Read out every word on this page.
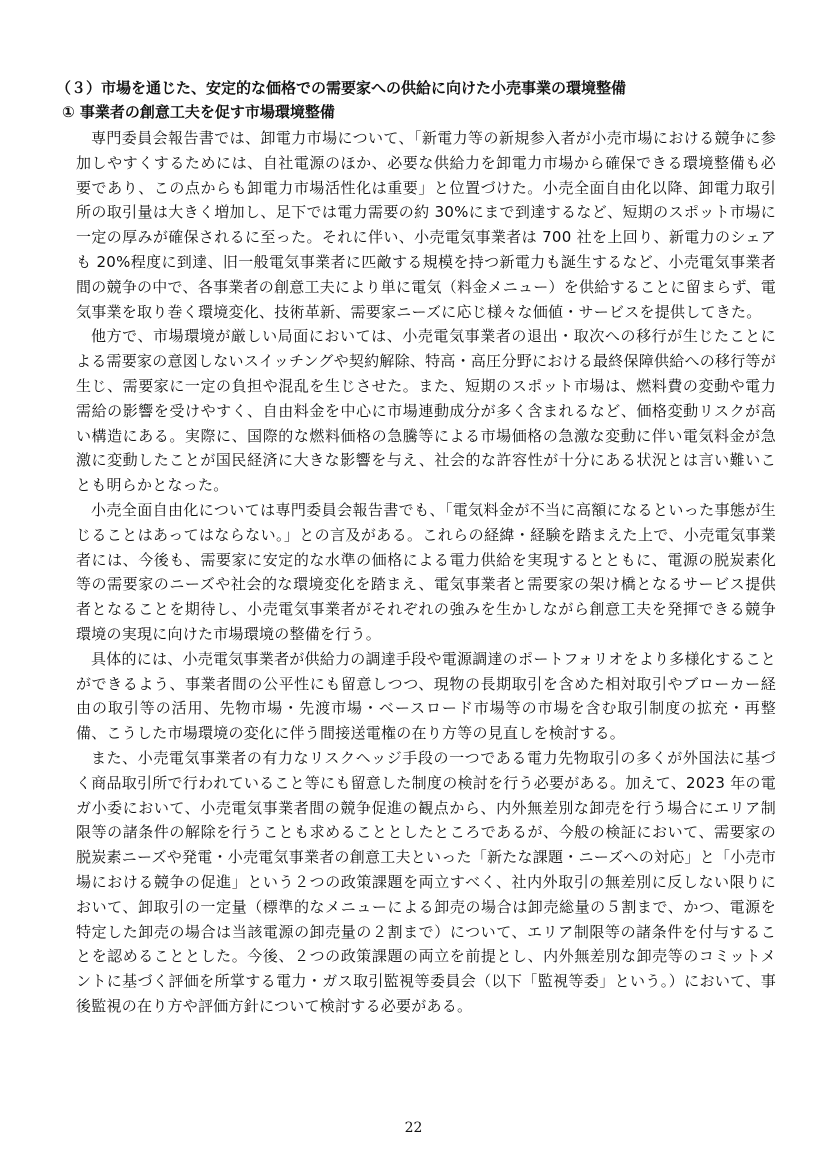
（３）市場を通じた、安定的な価格での需要家への供給に向けた小売事業の環境整備
① 事業者の創意工夫を促す市場環境整備

専門委員会報告書では、卸電力市場について、「新電力等の新規参入者が小売市場における競争に参加しやすくするためには、自社電源のほか、必要な供給力を卸電力市場から確保できる環境整備も必要であり、この点からも卸電力市場活性化は重要」と位置づけた。小売全面自由化以降、卸電力取引所の取引量は大きく増加し、足下では電力需要の約 30%にまで到達するなど、短期のスポット市場に一定の厚みが確保されるに至った。それに伴い、小売電気事業者は 700 社を上回り、新電力のシェアも 20%程度に到達、旧一般電気事業者に匹敵する規模を持つ新電力も誕生するなど、小売電気事業者間の競争の中で、各事業者の創意工夫により単に電気（料金メニュー）を供給することに留まらず、電気事業を取り巻く環境変化、技術革新、需要家ニーズに応じ様々な価値・サービスを提供してきた。

他方で、市場環境が厳しい局面においては、小売電気事業者の退出・取次への移行が生じたことによる需要家の意図しないスイッチングや契約解除、特高・高圧分野における最終保障供給への移行等が生じ、需要家に一定の負担や混乱を生じさせた。また、短期のスポット市場は、燃料費の変動や電力需給の影響を受けやすく、自由料金を中心に市場連動成分が多く含まれるなど、価格変動リスクが高い構造にある。実際に、国際的な燃料価格の急騰等による市場価格の急激な変動に伴い電気料金が急激に変動したことが国民経済に大きな影響を与え、社会的な許容性が十分にある状況とは言い難いことも明らかとなった。

小売全面自由化については専門委員会報告書でも、「電気料金が不当に高額になるといった事態が生じることはあってはならない。」との言及がある。これらの経緯・経験を踏まえた上で、小売電気事業者には、今後も、需要家に安定的な水準の価格による電力供給を実現するとともに、電源の脱炭素化等の需要家のニーズや社会的な環境変化を踏まえ、電気事業者と需要家の架け橋となるサービス提供者となることを期待し、小売電気事業者がそれぞれの強みを生かしながら創意工夫を発揮できる競争環境の実現に向けた市場環境の整備を行う。

具体的には、小売電気事業者が供給力の調達手段や電源調達のポートフォリオをより多様化することができるよう、事業者間の公平性にも留意しつつ、現物の長期取引を含めた相対取引やブローカー経由の取引等の活用、先物市場・先渡市場・ベースロード市場等の市場を含む取引制度の拡充・再整備、こうした市場環境の変化に伴う間接送電権の在り方等の見直しを検討する。

また、小売電気事業者の有力なリスクヘッジ手段の一つである電力先物取引の多くが外国法に基づく商品取引所で行われていること等にも留意した制度の検討を行う必要がある。加えて、2023 年の電ガ小委において、小売電気事業者間の競争促進の観点から、内外無差別な卸売を行う場合にエリア制限等の諸条件の解除を行うことも求めることとしたところであるが、今般の検証において、需要家の脱炭素ニーズや発電・小売電気事業者の創意工夫といった「新たな課題・ニーズへの対応」と「小売市場における競争の促進」という２つの政策課題を両立すべく、社内外取引の無差別に反しない限りにおいて、卸取引の一定量（標準的なメニューによる卸売の場合は卸売総量の５割まで、かつ、電源を特定した卸売の場合は当該電源の卸売量の２割まで）について、エリア制限等の諸条件を付与することを認めることとした。今後、２つの政策課題の両立を前提とし、内外無差別な卸売等のコミットメントに基づく評価を所掌する電力・ガス取引監視等委員会（以下「監視等委」という。）において、事後監視の在り方や評価方針について検討する必要がある。

22
